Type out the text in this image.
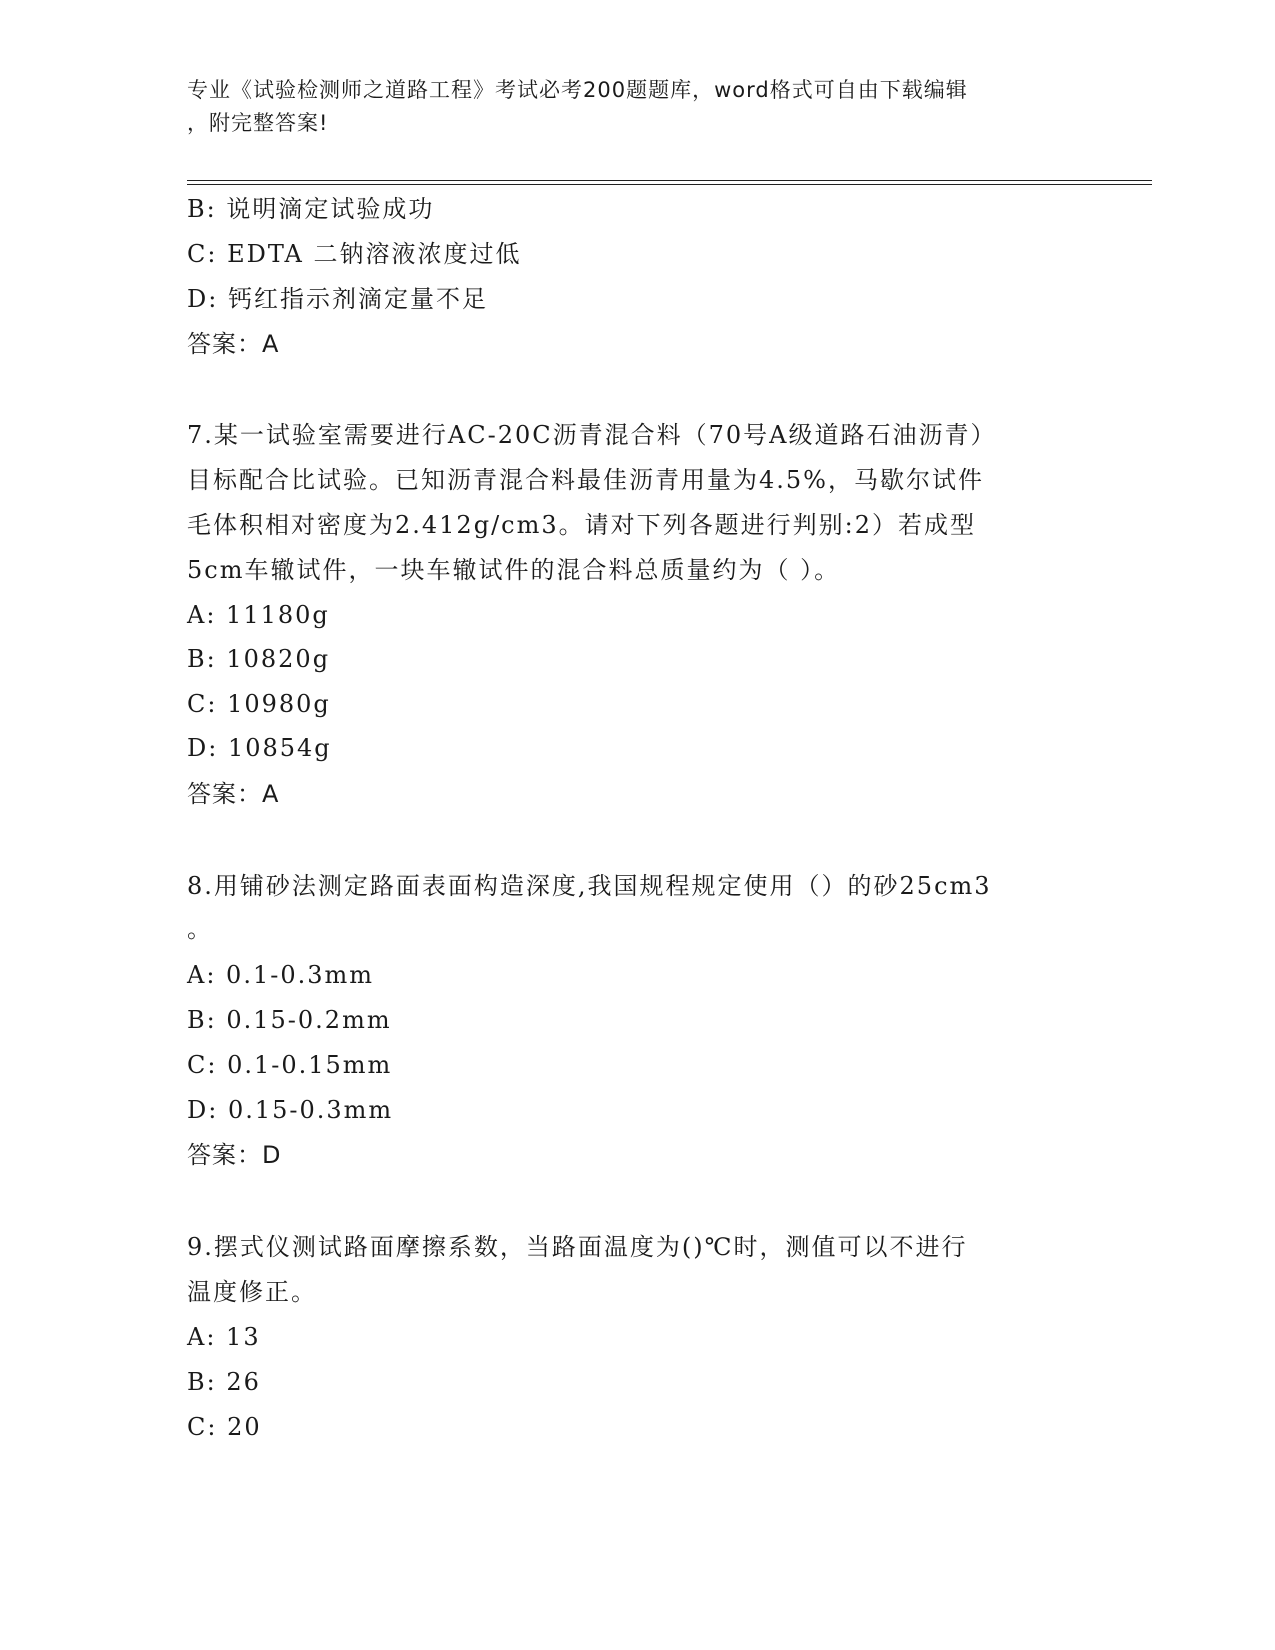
专业《试验检测师之道路工程》考试必考200题题库，word格式可自由下载编辑
，附完整答案!
B: 说明滴定试验成功
C: EDTA 二钠溶液浓度过低
D: 钙红指示剂滴定量不足
答案：A
7.某一试验室需要进行AC-20C沥青混合料（70号A级道路石油沥青）
目标配合比试验。已知沥青混合料最佳沥青用量为4.5%，马歇尔试件
毛体积相对密度为2.412g/cm3。请对下列各题进行判别:2）若成型
5cm车辙试件，一块车辙试件的混合料总质量约为（ ）。
A: 11180g
B: 10820g
C: 10980g
D: 10854g
答案：A
8.用铺砂法测定路面表面构造深度,我国规程规定使用（）的砂25cm3
。
A: 0.1-0.3mm
B: 0.15-0.2mm
C: 0.1-0.15mm
D: 0.15-0.3mm
答案：D
9.摆式仪测试路面摩擦系数，当路面温度为()℃时，测值可以不进行
温度修正。
A: 13
B: 26
C: 20
